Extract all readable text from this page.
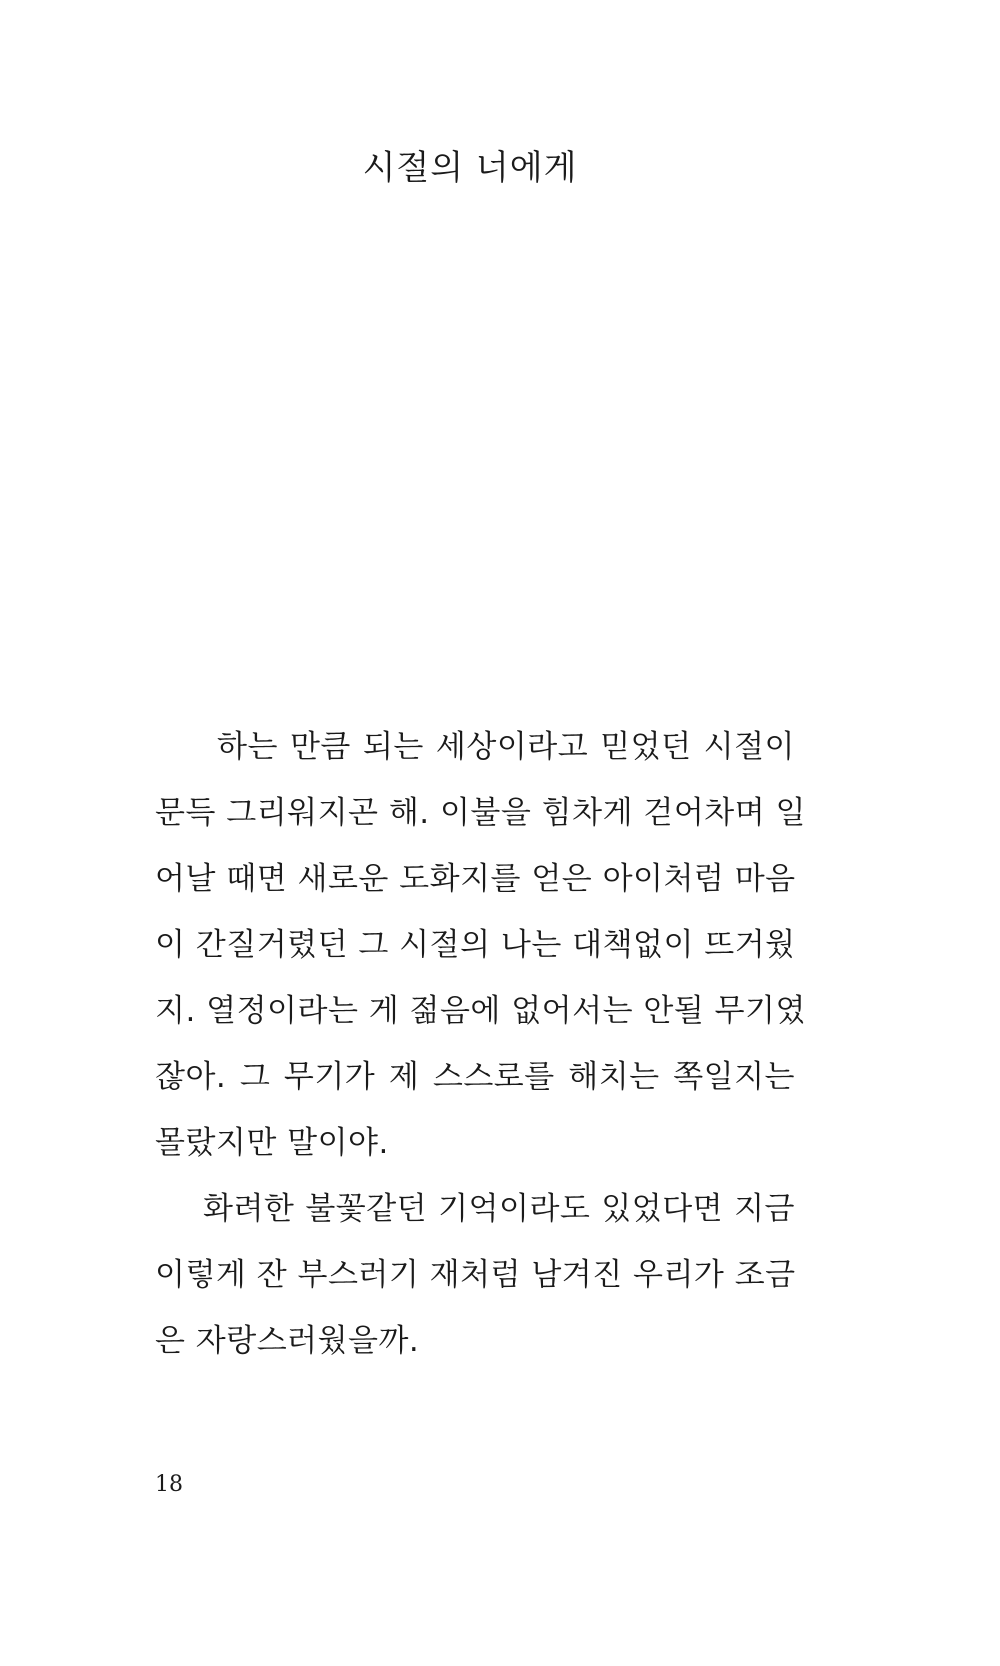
시절의 너에게
하는 만큼 되는 세상이라고 믿었던 시절이
문득 그리워지곤 해. 이불을 힘차게 걷어차며 일
어날 때면 새로운 도화지를 얻은 아이처럼 마음
이 간질거렸던 그 시절의 나는 대책없이 뜨거웠
지. 열정이라는 게 젊음에 없어서는 안될 무기였
잖아. 그 무기가 제 스스로를 해치는 쪽일지는
몰랐지만 말이야.
화려한 불꽃같던 기억이라도 있었다면 지금
이렇게 잔 부스러기 재처럼 남겨진 우리가 조금
은 자랑스러웠을까.
18
